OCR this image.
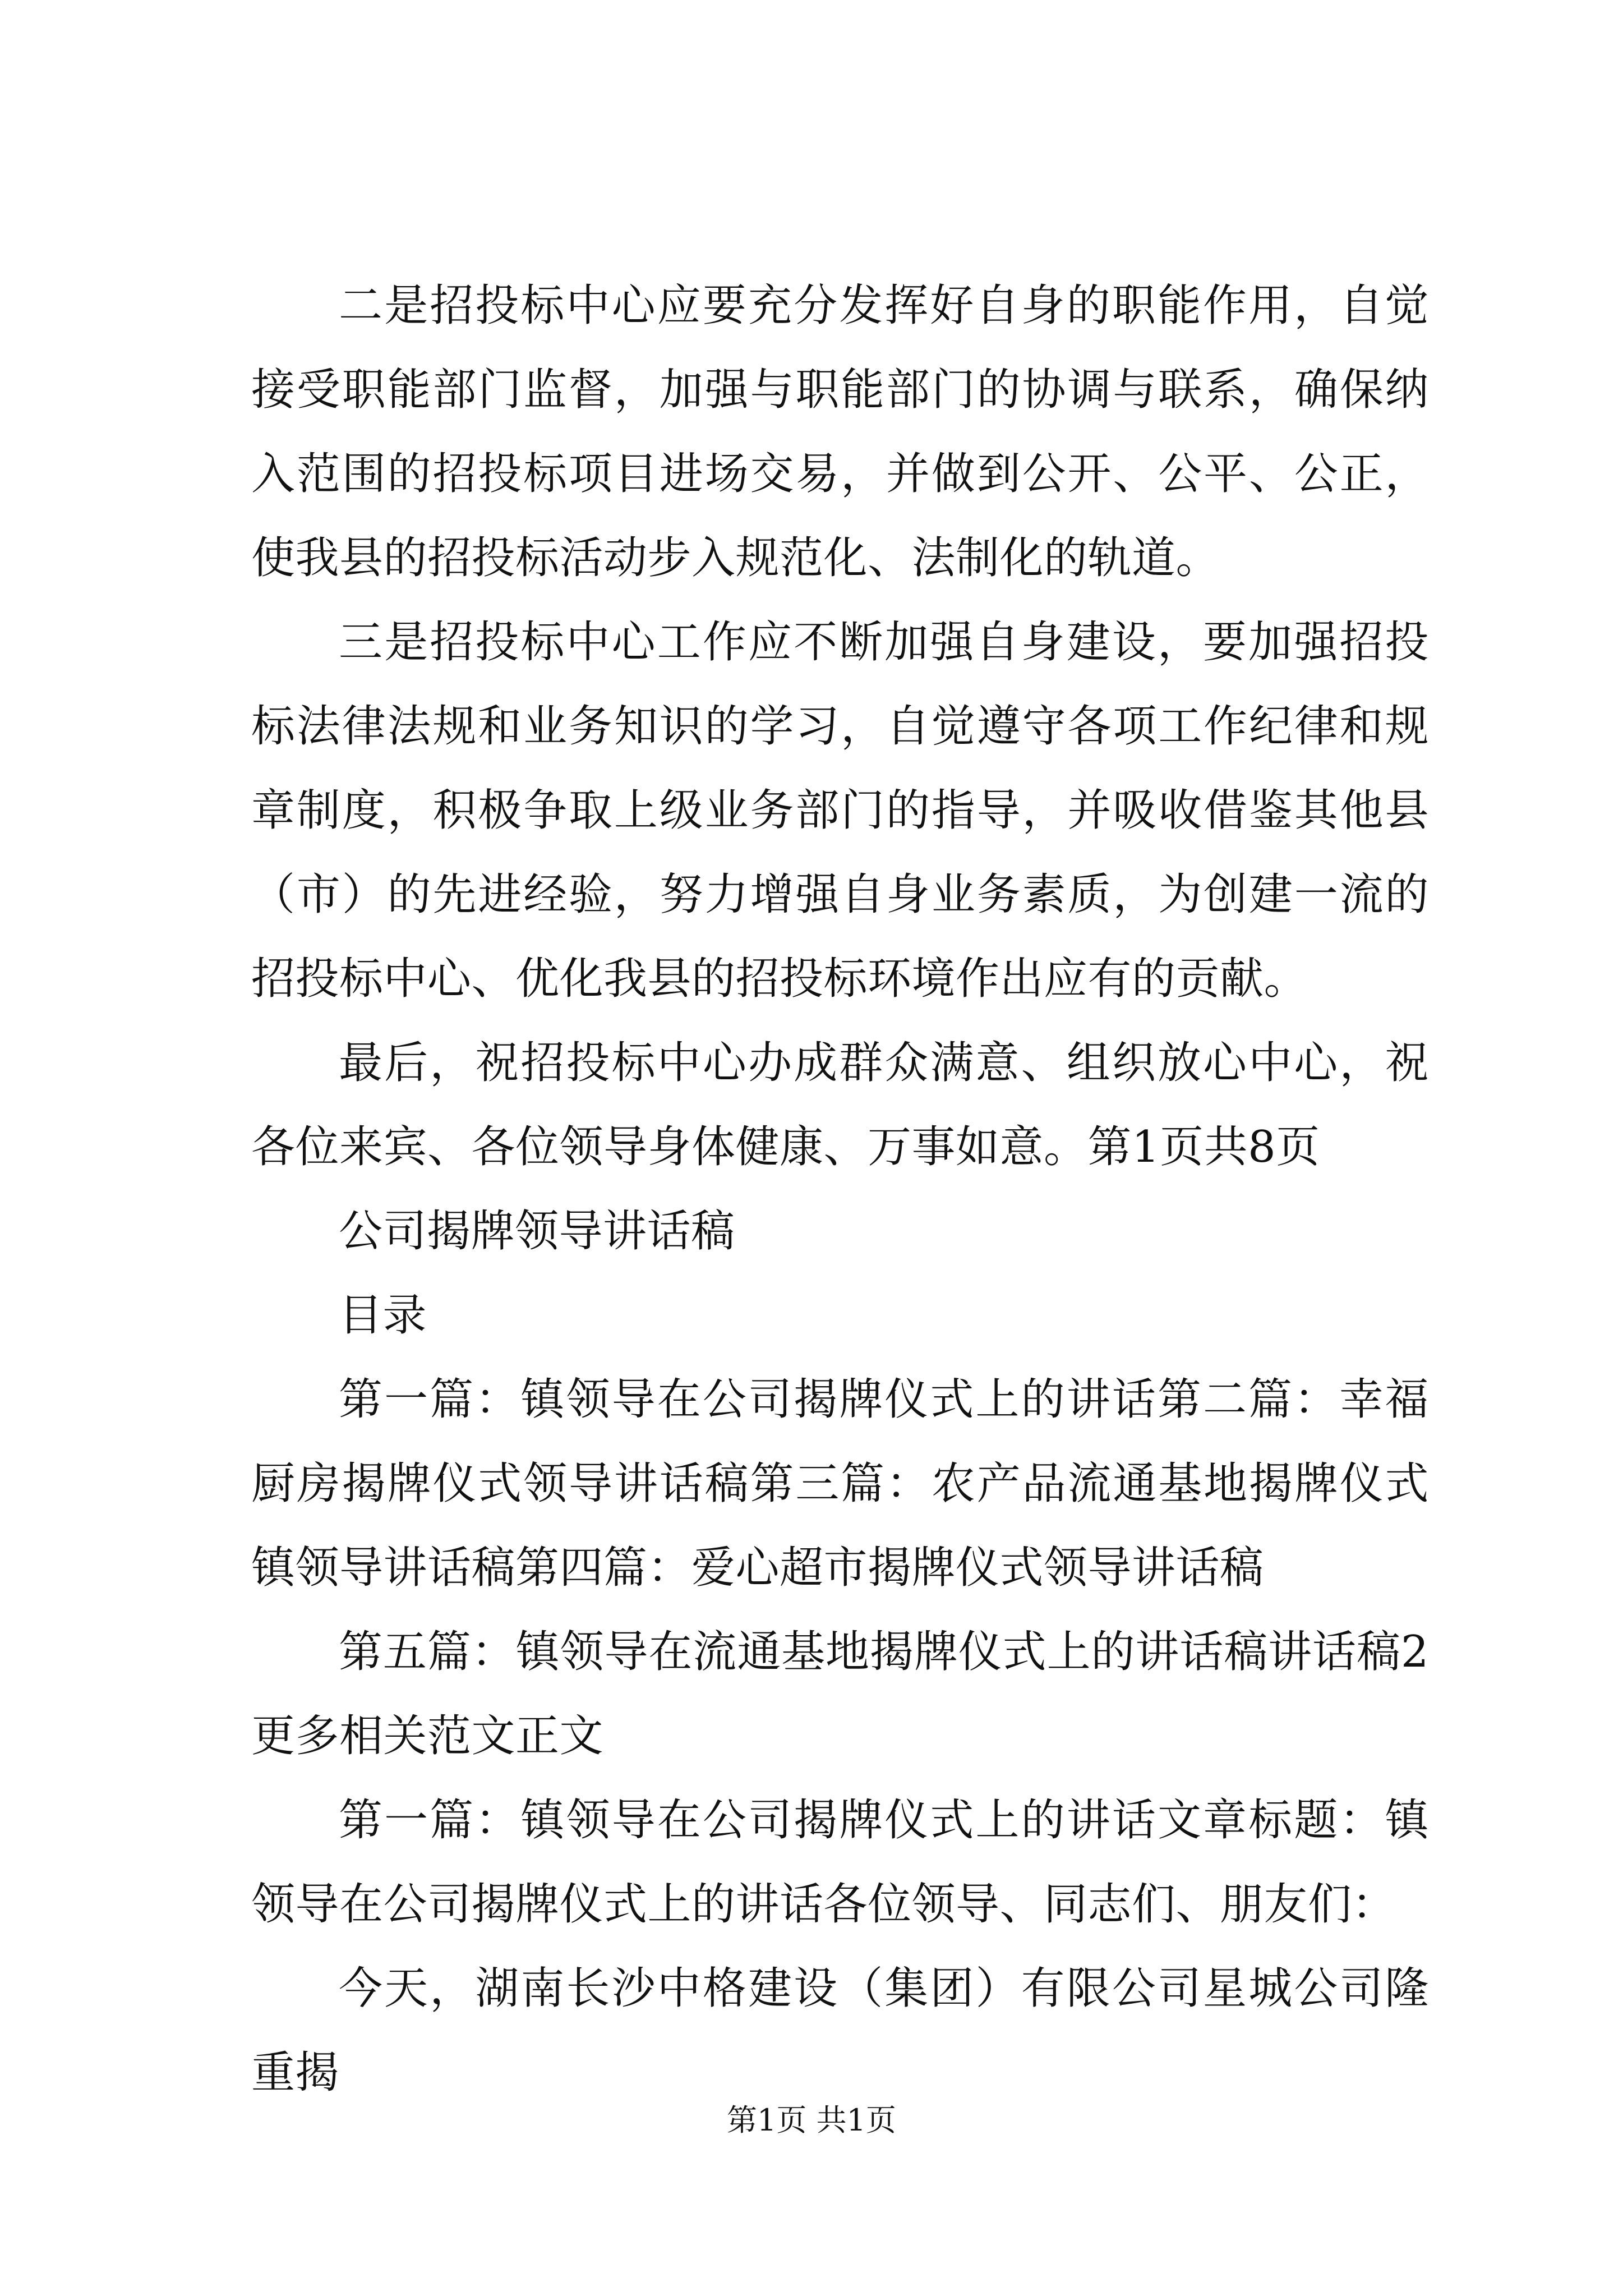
二是招投标中心应要充分发挥好自身的职能作用，自觉接受职能部门监督，加强与职能部门的协调与联系，确保纳入范围的招投标项目进场交易，并做到公开、公平、公正，使我县的招投标活动步入规范化、法制化的轨道。

三是招投标中心工作应不断加强自身建设，要加强招投标法律法规和业务知识的学习，自觉遵守各项工作纪律和规章制度，积极争取上级业务部门的指导，并吸收借鉴其他县（市）的先进经验，努力增强自身业务素质，为创建一流的招投标中心、优化我县的招投标环境作出应有的贡献。

最后，祝招投标中心办成群众满意、组织放心中心，祝各位来宾、各位领导身体健康、万事如意。第1页共8页

公司揭牌领导讲话稿

目录

第一篇：镇领导在公司揭牌仪式上的讲话第二篇：幸福厨房揭牌仪式领导讲话稿第三篇：农产品流通基地揭牌仪式镇领导讲话稿第四篇：爱心超市揭牌仪式领导讲话稿

第五篇：镇领导在流通基地揭牌仪式上的讲话稿讲话稿2更多相关范文正文

第一篇：镇领导在公司揭牌仪式上的讲话文章标题：镇领导在公司揭牌仪式上的讲话各位领导、同志们、朋友们：

今天，湖南长沙中格建设（集团）有限公司星城公司隆重揭

第1页 共1页
